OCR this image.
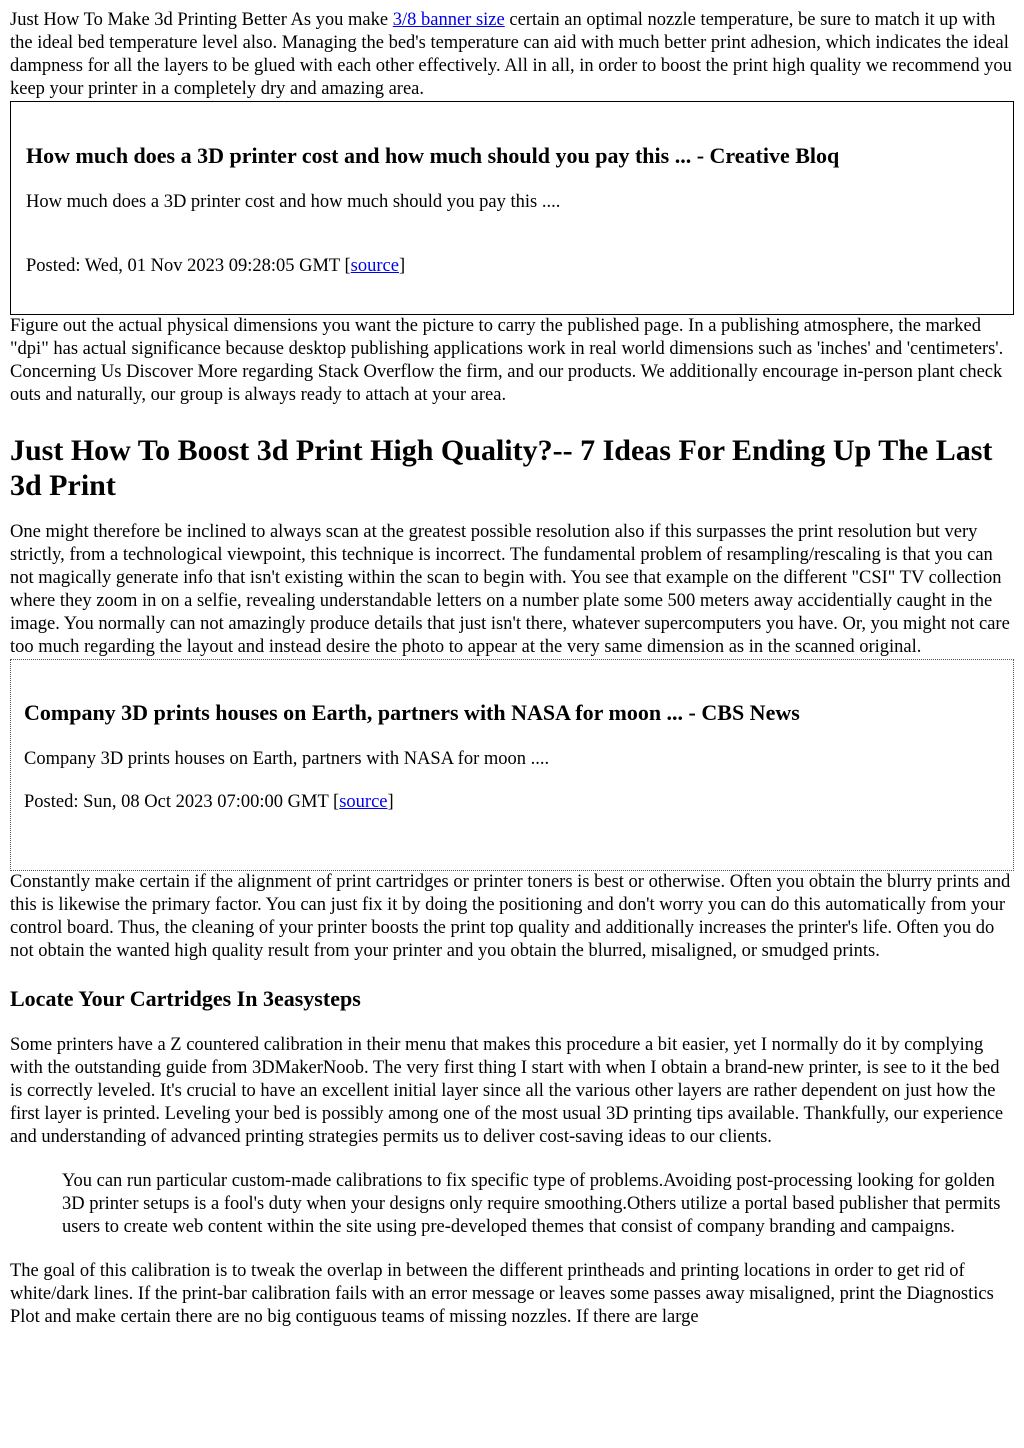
Just How To Make 3d Printing Better As you make 3/8 banner size certain an optimal nozzle temperature, be sure to match it up with the ideal bed temperature level also. Managing the bed's temperature can aid with much better print adhesion, which indicates the ideal dampness for all the layers to be glued with each other effectively. All in all, in order to boost the print high quality we recommend you keep your printer in a completely dry and amazing area.

How much does a 3D printer cost and how much should you pay this ... - Creative Bloq

How much does a 3D printer cost and how much should you pay this ....

Posted: Wed, 01 Nov 2023 09:28:05 GMT [source]

Figure out the actual physical dimensions you want the picture to carry the published page. In a publishing atmosphere, the marked "dpi" has actual significance because desktop publishing applications work in real world dimensions such as 'inches' and 'centimeters'. Concerning Us Discover More regarding Stack Overflow the firm, and our products. We additionally encourage in-person plant check outs and naturally, our group is always ready to attach at your area.

Just How To Boost 3d Print High Quality?-- 7 Ideas For Ending Up The Last 3d Print

One might therefore be inclined to always scan at the greatest possible resolution also if this surpasses the print resolution but very strictly, from a technological viewpoint, this technique is incorrect. The fundamental problem of resampling/rescaling is that you can not magically generate info that isn't existing within the scan to begin with. You see that example on the different "CSI" TV collection where they zoom in on a selfie, revealing understandable letters on a number plate some 500 meters away accidentially caught in the image. You normally can not amazingly produce details that just isn't there, whatever supercomputers you have. Or, you might not care too much regarding the layout and instead desire the photo to appear at the very same dimension as in the scanned original.

Company 3D prints houses on Earth, partners with NASA for moon ... - CBS News

Company 3D prints houses on Earth, partners with NASA for moon ....

Posted: Sun, 08 Oct 2023 07:00:00 GMT [source]

Constantly make certain if the alignment of print cartridges or printer toners is best or otherwise. Often you obtain the blurry prints and this is likewise the primary factor. You can just fix it by doing the positioning and don't worry you can do this automatically from your control board. Thus, the cleaning of your printer boosts the print top quality and additionally increases the printer's life. Often you do not obtain the wanted high quality result from your printer and you obtain the blurred, misaligned, or smudged prints.

Locate Your Cartridges In 3easysteps

Some printers have a Z countered calibration in their menu that makes this procedure a bit easier, yet I normally do it by complying with the outstanding guide from 3DMakerNoob. The very first thing I start with when I obtain a brand-new printer, is see to it the bed is correctly leveled. It's crucial to have an excellent initial layer since all the various other layers are rather dependent on just how the first layer is printed. Leveling your bed is possibly among one of the most usual 3D printing tips available. Thankfully, our experience and understanding of advanced printing strategies permits us to deliver cost-saving ideas to our clients.

You can run particular custom-made calibrations to fix specific type of problems.Avoiding post-processing looking for golden 3D printer setups is a fool's duty when your designs only require smoothing.Others utilize a portal based publisher that permits users to create web content within the site using pre-developed themes that consist of company branding and campaigns.

The goal of this calibration is to tweak the overlap in between the different printheads and printing locations in order to get rid of white/dark lines. If the print-bar calibration fails with an error message or leaves some passes away misaligned, print the Diagnostics Plot and make certain there are no big contiguous teams of missing nozzles. If there are large
